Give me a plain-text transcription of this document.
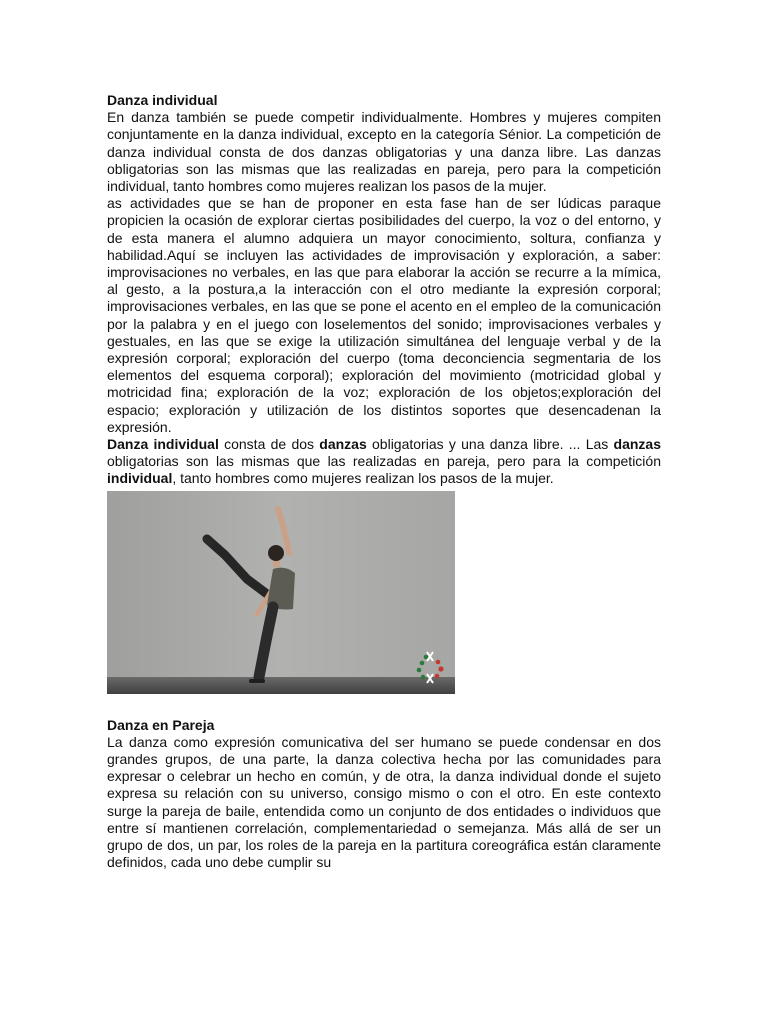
Danza individual

En danza también se puede competir individualmente. Hombres y mujeres compiten conjuntamente en la danza individual, excepto en la categoría Sénior. La competición de danza individual consta de dos danzas obligatorias y una danza libre. Las danzas obligatorias son las mismas que las realizadas en pareja, pero para la competición individual, tanto hombres como mujeres realizan los pasos de la mujer.

as actividades que se han de proponer en esta fase han de ser lúdicas paraque propicien la ocasión de explorar ciertas posibilidades del cuerpo, la voz o del entorno, y de esta manera el alumno adquiera un mayor conocimiento, soltura, confianza y habilidad.Aquí se incluyen las actividades de improvisación y exploración, a saber: improvisaciones no verbales, en las que para elaborar la acción se recurre a la mímica, al gesto, a la postura,a la interacción con el otro mediante la expresión corporal; improvisaciones verbales, en las que se pone el acento en el empleo de la comunicación por la palabra y en el juego con loselementos del sonido; improvisaciones verbales y gestuales, en las que se exige la utilización simultánea del lenguaje verbal y de la expresión corporal; exploración del cuerpo (toma deconciencia segmentaria de los elementos del esquema corporal); exploración del movimiento (motricidad global y motricidad fina; exploración de la voz; exploración de los objetos;exploración del espacio; exploración y utilización de los distintos soportes que desencadenan la expresión.

Danza individual consta de dos danzas obligatorias y una danza libre. ... Las danzas obligatorias son las mismas que las realizadas en pareja, pero para la competición individual, tanto hombres como mujeres realizan los pasos de la mujer.

Danza en Pareja

La danza como expresión comunicativa del ser humano se puede condensar en dos grandes grupos, de una parte, la danza colectiva hecha por las comunidades para expresar o celebrar un hecho en común, y de otra, la danza individual donde el sujeto expresa su relación con su universo, consigo mismo o con el otro. En este contexto surge la pareja de baile, entendida como un conjunto de dos entidades o individuos que entre sí mantienen correlación, complementariedad o semejanza. Más allá de ser un grupo de dos, un par, los roles de la pareja en la partitura coreográfica están claramente definidos, cada uno debe cumplir su
